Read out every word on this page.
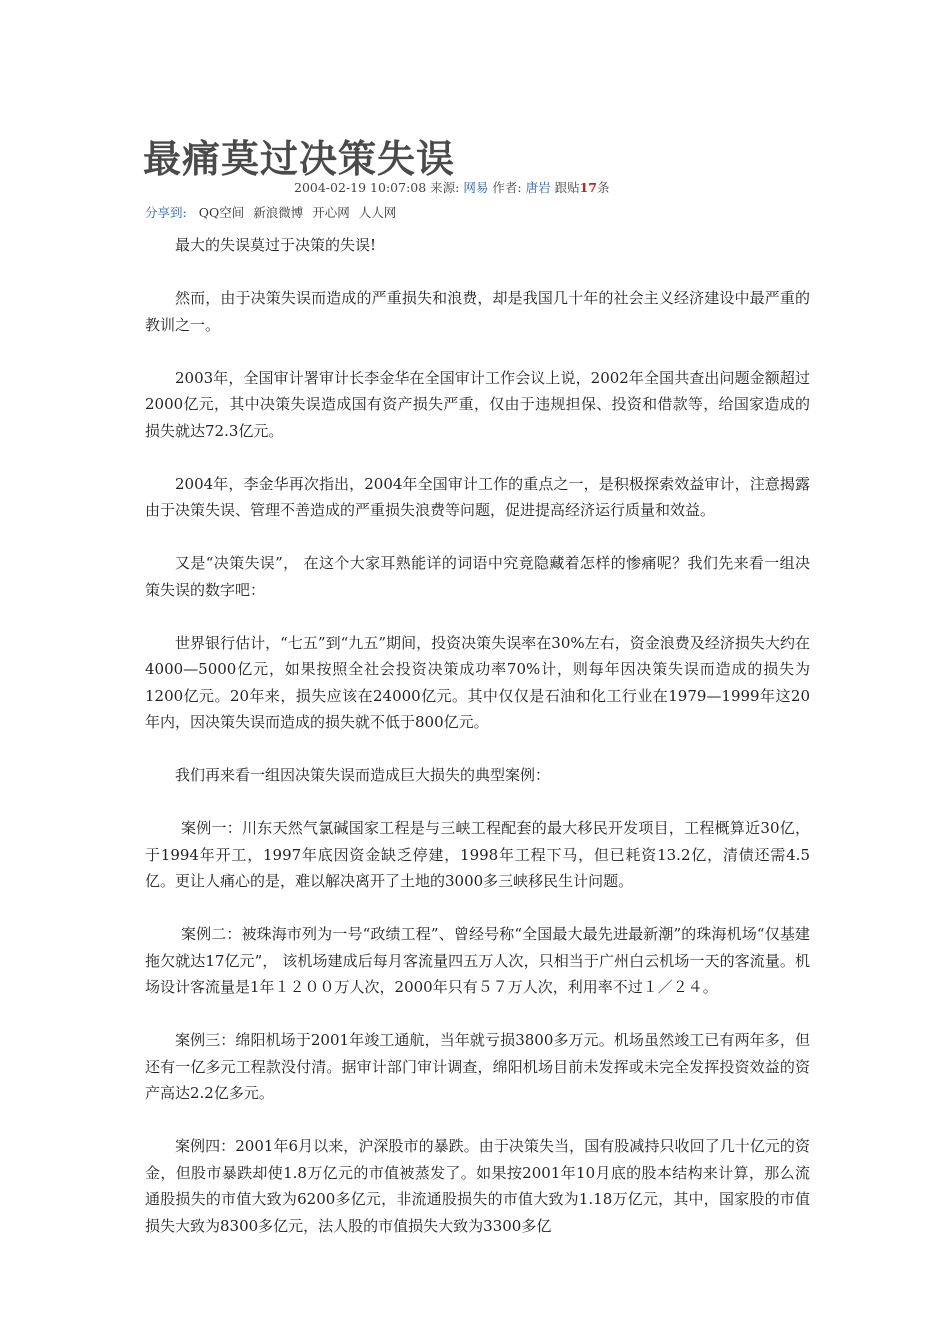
最痛莫过决策失误
2004-02-19 10:07:08 来源: 网易 作者: 唐岩 跟贴17条
分享到: QQ空间 新浪微博 开心网 人人网

最大的失误莫过于决策的失误!

然而，由于决策失误而造成的严重损失和浪费，却是我国几十年的社会主义经济建设中最严重的教训之一。

2003年，全国审计署审计长李金华在全国审计工作会议上说，2002年全国共查出问题金额超过2000亿元，其中决策失误造成国有资产损失严重，仅由于违规担保、投资和借款等，给国家造成的损失就达72.3亿元。

2004年，李金华再次指出，2004年全国审计工作的重点之一，是积极探索效益审计，注意揭露由于决策失误、管理不善造成的严重损失浪费等问题，促进提高经济运行质量和效益。

又是“决策失误”， 在这个大家耳熟能详的词语中究竟隐藏着怎样的惨痛呢？我们先来看一组决策失误的数字吧：

世界银行估计，“七五”到“九五”期间，投资决策失误率在30%左右，资金浪费及经济损失大约在4000—5000亿元，如果按照全社会投资决策成功率70%计，则每年因决策失误而造成的损失为1200亿元。20年来，损失应该在24000亿元。其中仅仅是石油和化工行业在1979—1999年这20年内，因决策失误而造成的损失就不低于800亿元。

我们再来看一组因决策失误而造成巨大损失的典型案例：

案例一：川东天然气氯碱国家工程是与三峡工程配套的最大移民开发项目，工程概算近30亿，于1994年开工，1997年底因资金缺乏停建，1998年工程下马，但已耗资13.2亿，清债还需4.5亿。更让人痛心的是，难以解决离开了土地的3000多三峡移民生计问题。

案例二：被珠海市列为一号“政绩工程”、曾经号称“全国最大最先进最新潮”的珠海机场“仅基建拖欠就达17亿元”， 该机场建成后每月客流量四五万人次，只相当于广州白云机场一天的客流量。机场设计客流量是1年１２００万人次，2000年只有５７万人次，利用率不过１／２４。

案例三：绵阳机场于2001年竣工通航，当年就亏损3800多万元。机场虽然竣工已有两年多，但还有一亿多元工程款没付清。据审计部门审计调查，绵阳机场目前未发挥或未完全发挥投资效益的资产高达2.2亿多元。

案例四：2001年6月以来，沪深股市的暴跌。由于决策失当，国有股减持只收回了几十亿元的资金，但股市暴跌却使1.8万亿元的市值被蒸发了。如果按2001年10月底的股本结构来计算，那么流通股损失的市值大致为6200多亿元，非流通股损失的市值大致为1.18万亿元，其中，国家股的市值损失大致为8300多亿元，法人股的市值损失大致为3300多亿
